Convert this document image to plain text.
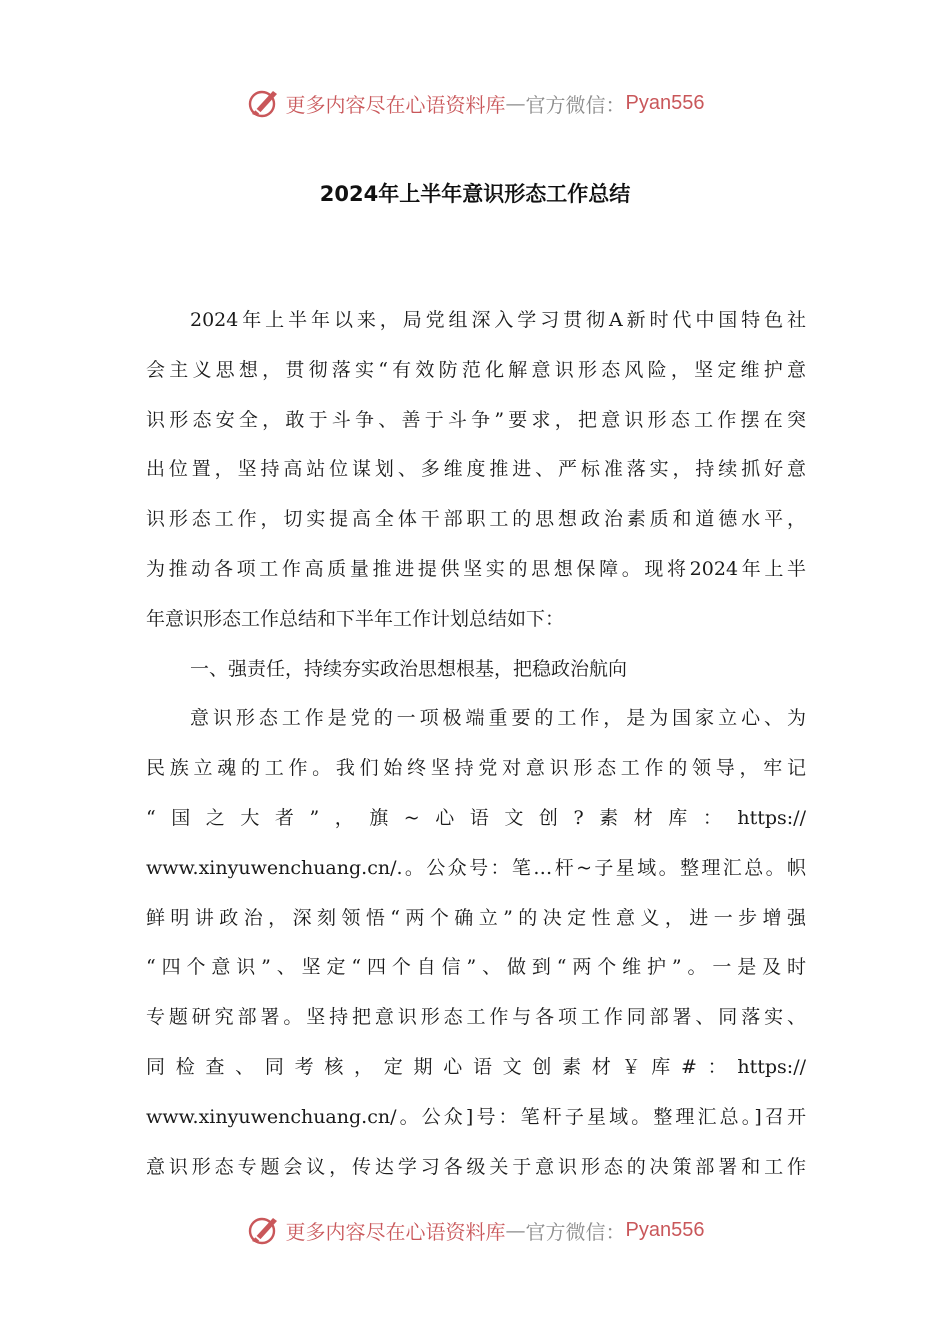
更多内容尽在心语资料库 — 官方微信： Pyan556
2024年上半年意识形态工作总结
2024年上半年以来，局党组深入学习贯彻A新时代中国特色社
会主义思想，贯彻落实“有效防范化解意识形态风险，坚定维护意
识形态安全，敢于斗争、善于斗争”要求，把意识形态工作摆在突
出位置，坚持高站位谋划、多维度推进、严标准落实，持续抓好意
识形态工作，切实提高全体干部职工的思想政治素质和道德水平，
为推动各项工作高质量推进提供坚实的思想保障。现将2024年上半
年意识形态工作总结和下半年工作计划总结如下：
一、强责任，持续夯实政治思想根基，把稳政治航向
意识形态工作是党的一项极端重要的工作，是为国家立心、为
民族立魂的工作。我们始终坚持党对意识形态工作的领导，牢记
“国之大者”，旗~心语文创?素材库：https://
www.xinyuwenchuang.cn/.。公众号：笔…杆~子星域。整理汇总。帜
鲜明讲政治，深刻领悟“两个确立”的决定性意义，进一步增强
“四个意识”、坚定“四个自信”、做到“两个维护”。一是及时
专题研究部署。坚持把意识形态工作与各项工作同部署、同落实、
同检查、同考核，定期心语文创素材￥库#：https://
www.xinyuwenchuang.cn/。公众]号：笔杆子星域。整理汇总。]召开
意识形态专题会议，传达学习各级关于意识形态的决策部署和工作
更多内容尽在心语资料库 — 官方微信： Pyan556
